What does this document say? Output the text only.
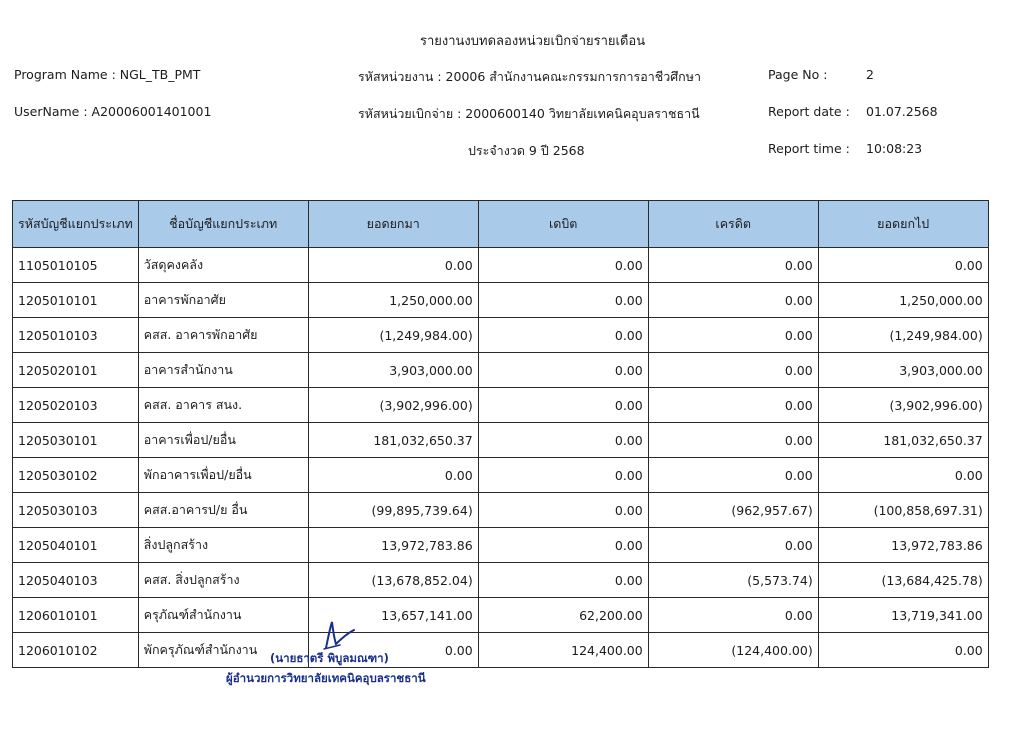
รายงานงบทดลองหน่วยเบิกจ่ายรายเดือน
Program Name : NGL_TB_PMT
UserName : A20006001401001
รหัสหน่วยงาน : 20006 สำนักงานคณะกรรมการการอาชีวศึกษา
รหัสหน่วยเบิกจ่าย : 2000600140 วิทยาลัยเทคนิคอุบลราชธานี
ประจำงวด 9 ปี 2568
Page No :	2
Report date : 01.07.2568
Report time : 10:08:23
รหัสบัญชีแยกประเภท	ชื่อบัญชีแยกประเภท	ยอดยกมา	เดบิต	เครดิต	ยอดยกไป
1105010105	วัสดุคงคลัง	0.00	0.00	0.00	0.00
1205010101	อาคารพักอาศัย	1,250,000.00	0.00	0.00	1,250,000.00
1205010103	คสส. อาคารพักอาศัย	(1,249,984.00)	0.00	0.00	(1,249,984.00)
1205020101	อาคารสำนักงาน	3,903,000.00	0.00	0.00	3,903,000.00
1205020103	คสส. อาคาร สนง.	(3,902,996.00)	0.00	0.00	(3,902,996.00)
1205030101	อาคารเพื่อป/ยอื่น	181,032,650.37	0.00	0.00	181,032,650.37
1205030102	พักอาคารเพื่อป/ยอื่น	0.00	0.00	0.00	0.00
1205030103	คสส.อาคารป/ย อื่น	(99,895,739.64)	0.00	(962,957.67)	(100,858,697.31)
1205040101	สิ่งปลูกสร้าง	13,972,783.86	0.00	0.00	13,972,783.86
1205040103	คสส. สิ่งปลูกสร้าง	(13,678,852.04)	0.00	(5,573.74)	(13,684,425.78)
1206010101	ครุภัณฑ์สำนักงาน	13,657,141.00	62,200.00	0.00	13,719,341.00
1206010102	พักครุภัณฑ์สำนักงาน	0.00	124,400.00	(124,400.00)	0.00
(นายธาตรี พิบูลมณฑา)
ผู้อำนวยการวิทยาลัยเทคนิคอุบลราชธานี
